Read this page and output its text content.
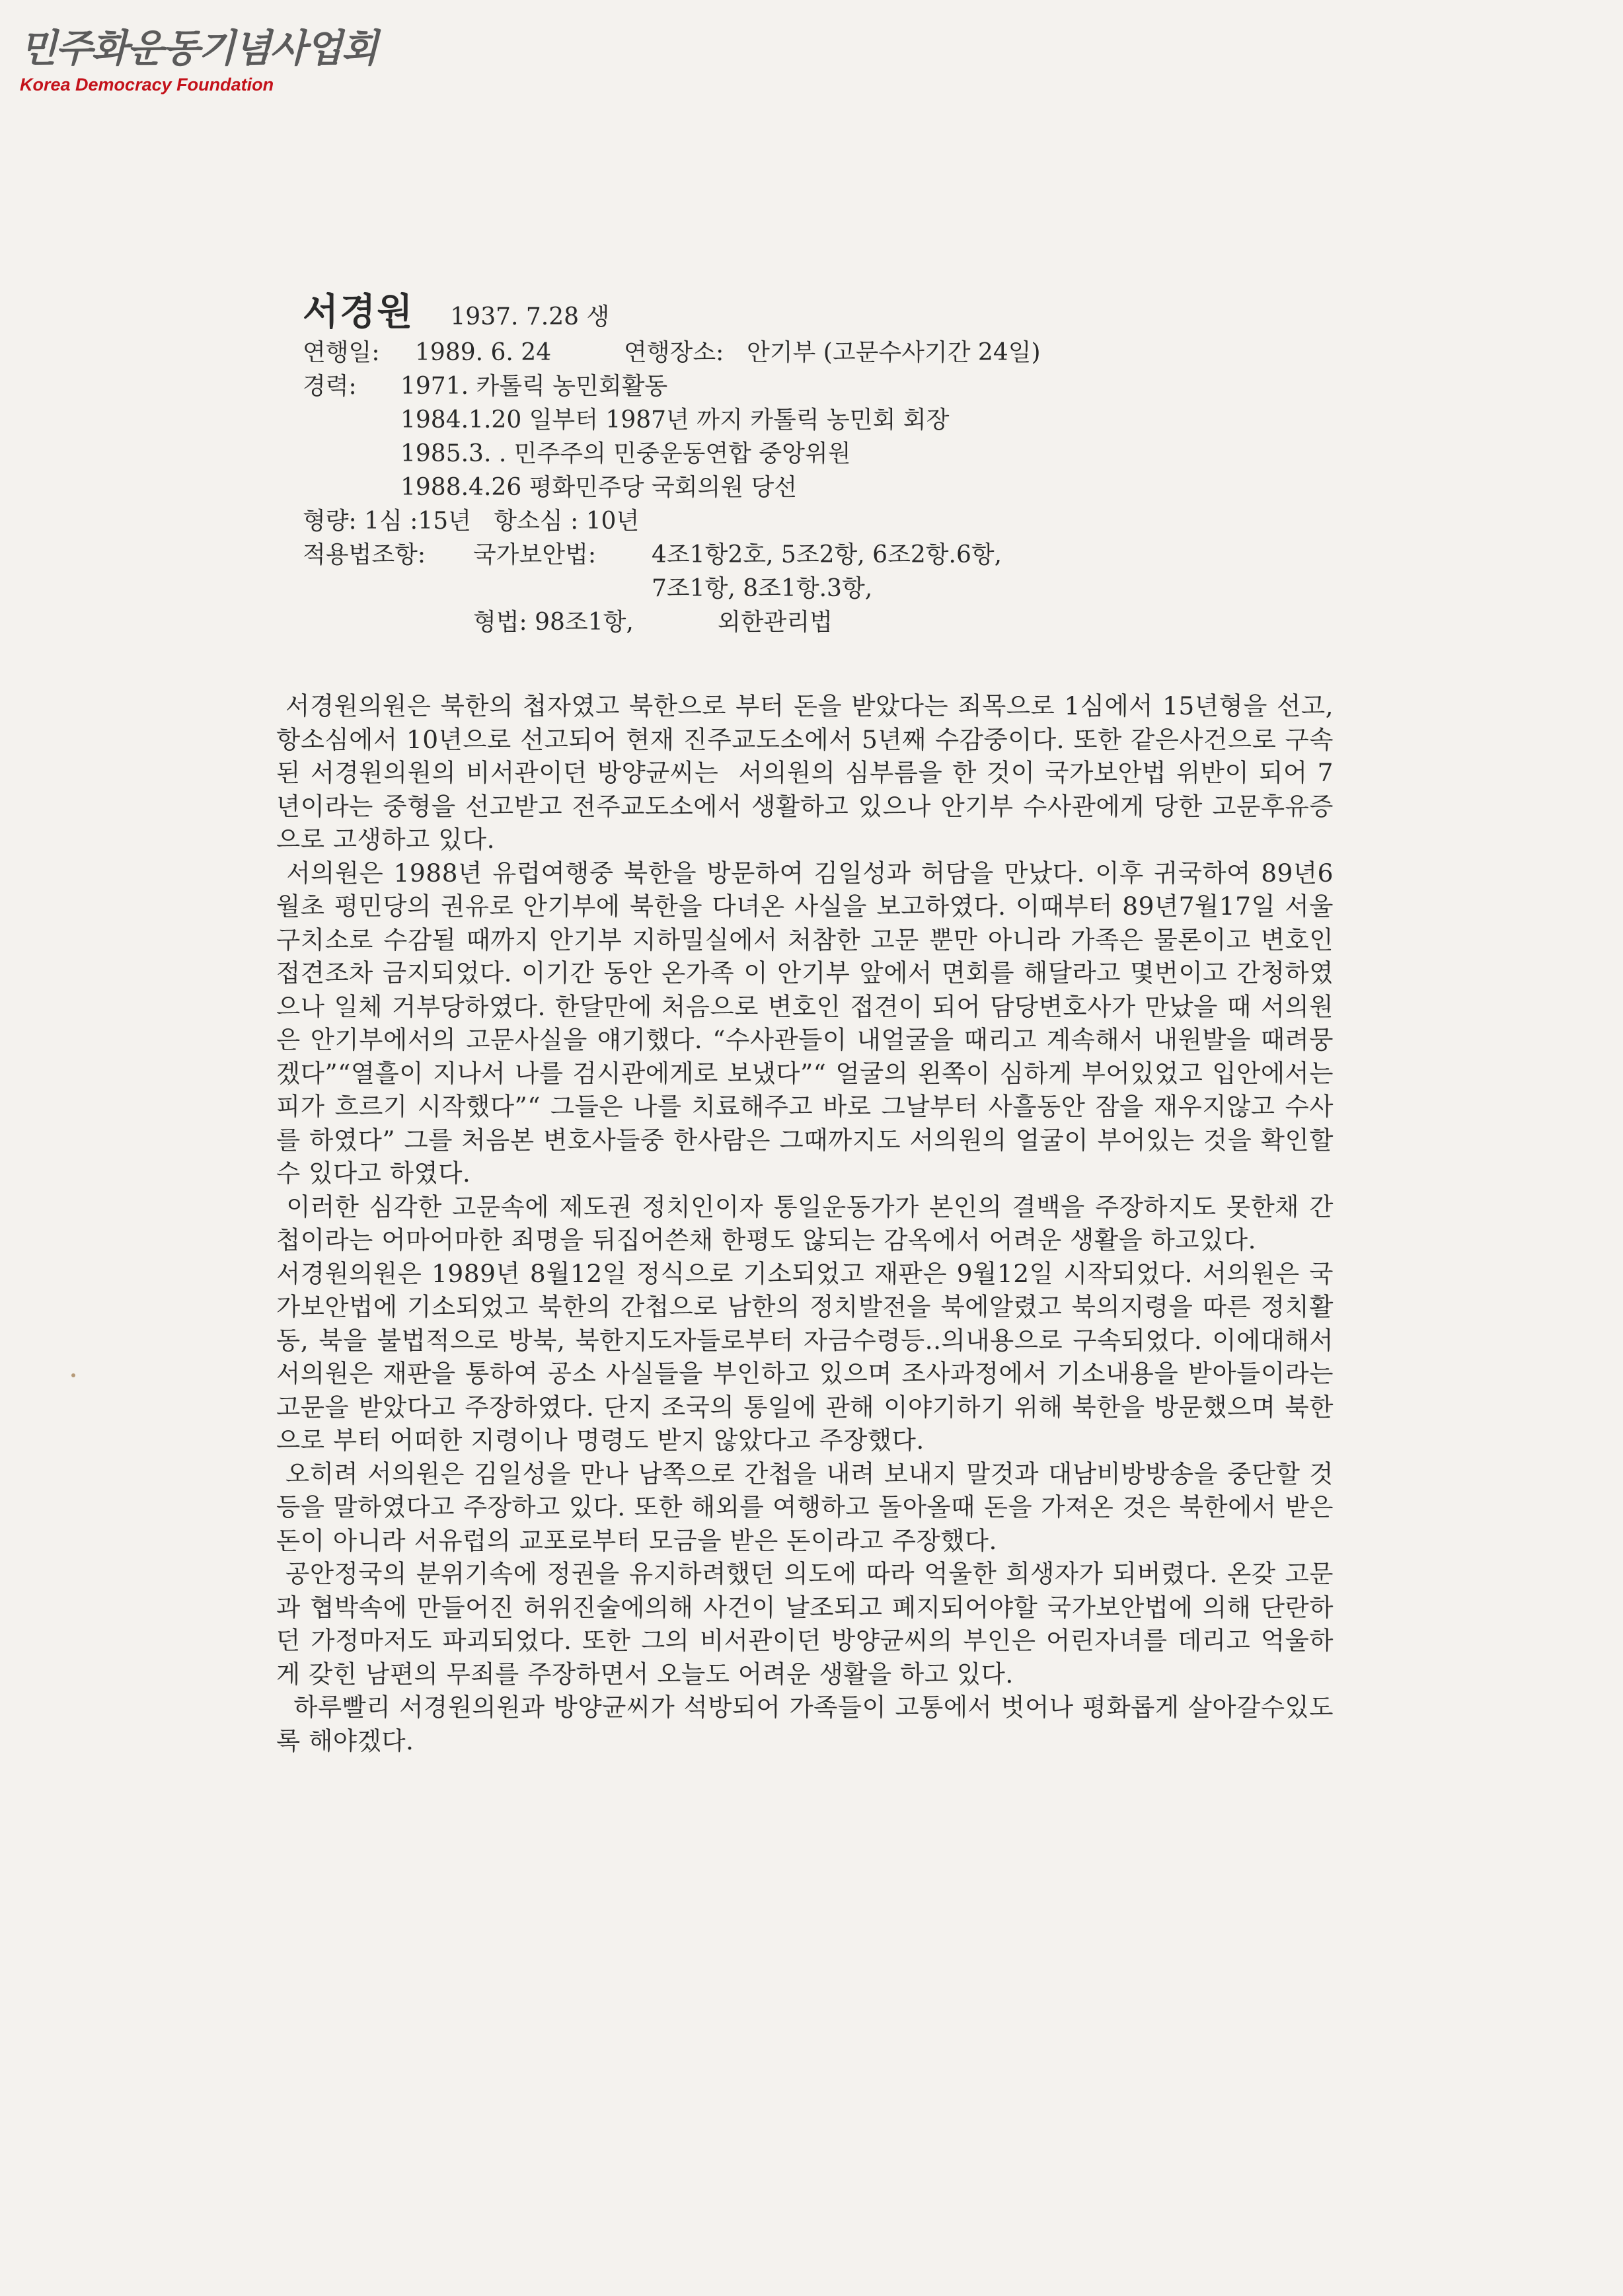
민주화운동기념사업회
Korea Democracy Foundation
서경원 1937. 7.28 생
연행일: 1989. 6. 24	연행장소: 안기부 (고문수사기간 24일)
경력: 1971. 카톨릭 농민회활동
1984.1.20 일부터 1987년 까지 카톨릭 농민회 회장
1985.3. . 민주주의 민중운동연합 중앙위원
1988.4.26 평화민주당 국회의원 당선
형량: 1심 :15년   항소심 : 10년
적용법조항: 국가보안법: 4조1항2호, 5조2항, 6조2항.6항,
7조1항, 8조1항.3항,
형법: 98조1항,	외한관리법

서경원의원은 북한의 첩자였고 북한으로 부터 돈을 받았다는 죄목으로 1심에서 15년형을 선고, 항소심에서 10년으로 선고되어 현재 진주교도소에서 5년째 수감중이다. 또한 같은사건으로 구속된 서경원의원의 비서관이던 방양균씨는  서의원의 심부름을 한 것이 국가보안법 위반이 되어 7년이라는 중형을 선고받고 전주교도소에서 생활하고 있으나 안기부 수사관에게 당한 고문후유증으로 고생하고 있다.

서의원은 1988년 유럽여행중 북한을 방문하여 김일성과 허담을 만났다. 이후 귀국하여 89년6월초 평민당의 권유로 안기부에 북한을 다녀온 사실을 보고하였다. 이때부터 89년7월17일 서울구치소로 수감될 때까지 안기부 지하밀실에서 처참한 고문 뿐만 아니라 가족은 물론이고 변호인 접견조차 금지되었다. 이기간 동안 온가족 이 안기부 앞에서 면회를 해달라고 몇번이고 간청하였으나 일체 거부당하였다. 한달만에 처음으로 변호인 접견이 되어 담당변호사가 만났을 때 서의원은 안기부에서의 고문사실을 얘기했다. “수사관들이 내얼굴을 때리고 계속해서 내원발을 때려뭉겠다”“열흘이 지나서 나를 검시관에게로 보냈다”“ 얼굴의 왼쪽이 심하게 부어있었고 입안에서는 피가 흐르기 시작했다”“ 그들은 나를 치료해주고 바로 그날부터 사흘동안 잠을 재우지않고 수사를 하였다” 그를 처음본 변호사들중 한사람은 그때까지도 서의원의 얼굴이 부어있는 것을 확인할수 있다고 하였다.

이러한 심각한 고문속에 제도권 정치인이자 통일운동가가 본인의 결백을 주장하지도 못한채 간첩이라는 어마어마한 죄명을 뒤집어쓴채 한평도 않되는 감옥에서 어려운 생활을 하고있다.

서경원의원은 1989년 8월12일 정식으로 기소되었고 재판은 9월12일 시작되었다. 서의원은 국가보안법에 기소되었고 북한의 간첩으로 남한의 정치발전을 북에알렸고 북의지령을 따른 정치활동, 북을 불법적으로 방북, 북한지도자들로부터 자금수령등..의내용으로 구속되었다. 이에대해서 서의원은 재판을 통하여 공소 사실들을 부인하고 있으며 조사과정에서 기소내용을 받아들이라는 고문을 받았다고 주장하였다. 단지 조국의 통일에 관해 이야기하기 위해 북한을 방문했으며 북한으로 부터 어떠한 지령이나 명령도 받지 않았다고 주장했다.

오히려 서의원은 김일성을 만나 남쪽으로 간첩을 내려 보내지 말것과 대남비방방송을 중단할 것 등을 말하였다고 주장하고 있다. 또한 해외를 여행하고 돌아올때 돈을 가져온 것은 북한에서 받은 돈이 아니라 서유럽의 교포로부터 모금을 받은 돈이라고 주장했다.

공안정국의 분위기속에 정권을 유지하려했던 의도에 따라 억울한 희생자가 되버렸다. 온갖 고문과 협박속에 만들어진 허위진술에의해 사건이 날조되고 폐지되어야할 국가보안법에 의해 단란하던 가정마저도 파괴되었다. 또한 그의 비서관이던 방양균씨의 부인은 어린자녀를 데리고 억울하게 갖힌 남편의 무죄를 주장하면서 오늘도 어려운 생활을 하고 있다.

하루빨리 서경원의원과 방양균씨가 석방되어 가족들이 고통에서 벗어나 평화롭게 살아갈수있도록 해야겠다.
